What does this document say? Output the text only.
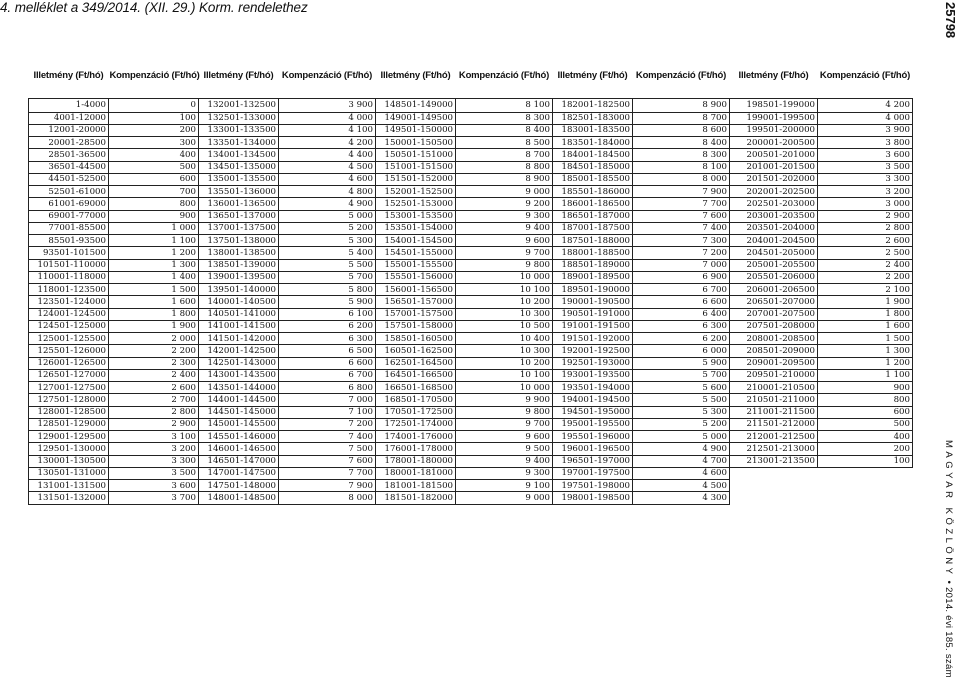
4. melléklet a 349/2014. (XII. 29.) Korm. rendelethez	25798
MAGYAR KÖZLÖNY • 2014. évi 185. szám
Illetmény (Ft/hó)	Kompenzáció (Ft/hó)	Illetmény (Ft/hó)	Kompenzáció (Ft/hó)	Illetmény (Ft/hó)	Kompenzáció (Ft/hó)	Illetmény (Ft/hó)	Kompenzáció (Ft/hó)	Illetmény (Ft/hó)	Kompenzáció (Ft/hó)

1-4000	0	132001-132500	3 900	148501-149000	8 100	182001-182500	8 900	198501-199000	4 200
4001-12000	100	132501-133000	4 000	149001-149500	8 300	182501-183000	8 700	199001-199500	4 000
12001-20000	200	133001-133500	4 100	149501-150000	8 400	183001-183500	8 600	199501-200000	3 900
20001-28500	300	133501-134000	4 200	150001-150500	8 500	183501-184000	8 400	200001-200500	3 800
28501-36500	400	134001-134500	4 400	150501-151000	8 700	184001-184500	8 300	200501-201000	3 600
36501-44500	500	134501-135000	4 500	151001-151500	8 800	184501-185000	8 100	201001-201500	3 500
44501-52500	600	135001-135500	4 600	151501-152000	8 900	185001-185500	8 000	201501-202000	3 300
52501-61000	700	135501-136000	4 800	152001-152500	9 000	185501-186000	7 900	202001-202500	3 200
61001-69000	800	136001-136500	4 900	152501-153000	9 200	186001-186500	7 700	202501-203000	3 000
69001-77000	900	136501-137000	5 000	153001-153500	9 300	186501-187000	7 600	203001-203500	2 900
77001-85500	1 000	137001-137500	5 200	153501-154000	9 400	187001-187500	7 400	203501-204000	2 800
85501-93500	1 100	137501-138000	5 300	154001-154500	9 600	187501-188000	7 300	204001-204500	2 600
93501-101500	1 200	138001-138500	5 400	154501-155000	9 700	188001-188500	7 200	204501-205000	2 500
101501-110000	1 300	138501-139000	5 500	155001-155500	9 800	188501-189000	7 000	205001-205500	2 400
110001-118000	1 400	139001-139500	5 700	155501-156000	10 000	189001-189500	6 900	205501-206000	2 200
118001-123500	1 500	139501-140000	5 800	156001-156500	10 100	189501-190000	6 700	206001-206500	2 100
123501-124000	1 600	140001-140500	5 900	156501-157000	10 200	190001-190500	6 600	206501-207000	1 900
124001-124500	1 800	140501-141000	6 100	157001-157500	10 300	190501-191000	6 400	207001-207500	1 800
124501-125000	1 900	141001-141500	6 200	157501-158000	10 500	191001-191500	6 300	207501-208000	1 600
125001-125500	2 000	141501-142000	6 300	158501-160500	10 400	191501-192000	6 200	208001-208500	1 500
125501-126000	2 200	142001-142500	6 500	160501-162500	10 300	192001-192500	6 000	208501-209000	1 300
126001-126500	2 300	142501-143000	6 600	162501-164500	10 200	192501-193000	5 900	209001-209500	1 200
126501-127000	2 400	143001-143500	6 700	164501-166500	10 100	193001-193500	5 700	209501-210000	1 100
127001-127500	2 600	143501-144000	6 800	166501-168500	10 000	193501-194000	5 600	210001-210500	900
127501-128000	2 700	144001-144500	7 000	168501-170500	9 900	194001-194500	5 500	210501-211000	800
128001-128500	2 800	144501-145000	7 100	170501-172500	9 800	194501-195000	5 300	211001-211500	600
128501-129000	2 900	145001-145500	7 200	172501-174000	9 700	195001-195500	5 200	211501-212000	500
129001-129500	3 100	145501-146000	7 400	174001-176000	9 600	195501-196000	5 000	212001-212500	400
129501-130000	3 200	146001-146500	7 500	176001-178000	9 500	196001-196500	4 900	212501-213000	200
130001-130500	3 300	146501-147000	7 600	178001-180000	9 400	196501-197000	4 700	213001-213500	100
130501-131000	3 500	147001-147500	7 700	180001-181000	9 300	197001-197500	4 600		
131001-131500	3 600	147501-148000	7 900	181001-181500	9 100	197501-198000	4 500		
131501-132000	3 700	148001-148500	8 000	181501-182000	9 000	198001-198500	4 300		
